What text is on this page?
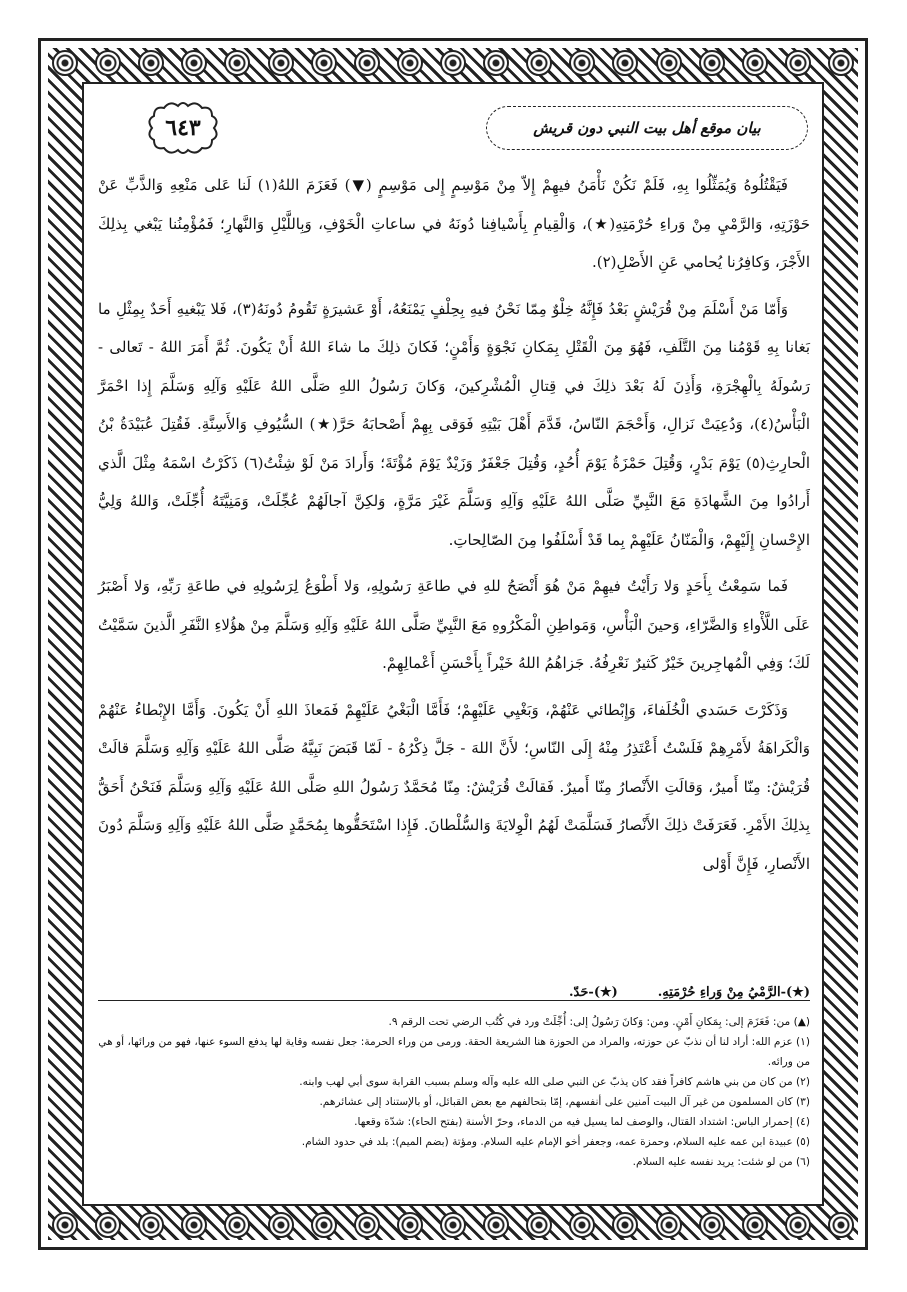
بيان موقع أهل بيت النبي دون قريش
٦٤٣

فَيَقْتُلُوهُ وَيُمَثِّلُوا بِهِ، فَلَمْ نَكُنْ نَأْمَنُ فيهِمْ إِلاّ مِنْ مَوْسِمٍ إِلى مَوْسِمٍ (▼) فَعَزَمَ اللهُ(١) لَنا عَلى مَنْعِهِ وَالذَّبِّ عَنْ حَوْزَتِهِ، وَالرَّمْيِ مِنْ وَراءِ حُرْمَتِهِ(★)، وَالْقِيامِ بِأَسْيافِنا دُونَهُ في ساعاتِ الْخَوْفِ، وَبِاللَّيْلِ وَالنَّهارِ؛ فَمُؤْمِنُنا يَبْغي بِذلِكَ الأَجْرَ، وَكافِرُنا يُحامي عَنِ الأَصْلِ(٢).

وَأَمّا مَنْ أَسْلَمَ مِنْ قُرَيْشٍ بَعْدُ فَإِنَّهُ خِلْوٌ مِمّا نَحْنُ فيهِ بِحِلْفٍ يَمْنَعُهُ، أَوْ عَشيرَةٍ تَقُومُ دُونَهُ(٣)، فَلا يَبْغيهِ أَحَدٌ بِمِثْلِ ما بَغانا بِهِ قَوْمُنا مِنَ التَّلَفِ، فَهُوَ مِنَ الْقَتْلِ بِمَكانِ نَجْوَةٍ وَأَمْنٍ؛ فَكانَ ذلِكَ ما شاءَ اللهُ أَنْ يَكُونَ. ثُمَّ أَمَرَ اللهُ - تَعالى - رَسُولَهُ بِالْهِجْرَةِ، وَأَذِنَ لَهُ بَعْدَ ذلِكَ في قِتالِ الْمُشْرِكينَ، وَكانَ رَسُولُ اللهِ صَلَّى اللهُ عَلَيْهِ وَآلِهِ وَسَلَّمَ إِذا احْمَرَّ الْبَأْسُ(٤)، وَدُعِيَتْ نَزالِ، وَأَحْجَمَ النّاسُ، قَدَّمَ أَهْلَ بَيْتِهِ فَوَقى بِهِمْ أَصْحابَهُ حَرَّ(★) السُّيُوفِ وَالأَسِنَّةِ. فَقُتِلَ عُبَيْدَةُ بْنُ الْحارِثِ(٥) يَوْمَ بَدْرٍ، وَقُتِلَ حَمْزَةُ يَوْمَ أُحُدٍ، وَقُتِلَ جَعْفَرٌ وَزَيْدٌ يَوْمَ مُؤْتَةَ؛ وَأَرادَ مَنْ لَوْ شِئْتُ(٦) ذَكَرْتُ اسْمَهُ مِثْلَ الَّذي أَرادُوا مِنَ الشَّهادَةِ مَعَ النَّبِيِّ صَلَّى اللهُ عَلَيْهِ وَآلِهِ وَسَلَّمَ غَيْرَ مَرَّةٍ، وَلكِنَّ آجالَهُمْ عُجِّلَتْ، وَمَنِيَّتَهُ أُجِّلَتْ، وَاللهُ وَلِيُّ الإِحْسانِ إِلَيْهِمْ، وَالْمَنّانُ عَلَيْهِمْ بِما قَدْ أَسْلَفُوا مِنَ الصّالِحاتِ.

فَما سَمِعْتُ بِأَحَدٍ وَلا رَأَيْتُ فيهِمْ مَنْ هُوَ أَنْصَحُ للهِ في طاعَةِ رَسُولِهِ، وَلا أَطْوَعُ لِرَسُولِهِ في طاعَةِ رَبِّهِ، وَلا أَصْبَرُ عَلَى اللَّأْواءِ وَالضَّرّاءِ، وَحينَ الْبَأْسِ، وَمَواطِنِ الْمَكْرُوهِ مَعَ النَّبِيِّ صَلَّى اللهُ عَلَيْهِ وَآلِهِ وَسَلَّمَ مِنْ هؤُلاءِ النَّفَرِ الَّذينَ سَمَّيْتُ لَكَ؛ وَفِي الْمُهاجِرينَ خَيْرٌ كَثيرٌ نَعْرِفُهُ. جَزاهُمُ اللهُ خَيْراً بِأَحْسَنِ أَعْمالِهِمْ.

وَذَكَرْتَ حَسَدي الْخُلَفاءَ، وَإِبْطائي عَنْهُمْ، وَبَغْيِي عَلَيْهِمْ؛ فَأَمَّا الْبَغْيُ عَلَيْهِمْ فَمَعاذَ اللهِ أَنْ يَكُونَ. وَأَمَّا الإِبْطاءُ عَنْهُمْ وَالْكَراهَةُ لأَمْرِهِمْ فَلَسْتُ أَعْتَذِرُ مِنْهُ إِلَى النّاسِ؛ لأَنَّ اللهَ - جَلَّ ذِكْرُهُ - لَمّا قَبَضَ نَبِيَّهُ صَلَّى اللهُ عَلَيْهِ وَآلِهِ وَسَلَّمَ قالَتْ قُرَيْشٌ: مِنّا أَميرٌ، وَقالَتِ الأَنْصارُ مِنّا أَميرٌ. فَقالَتْ قُرَيْشٌ: مِنّا مُحَمَّدٌ رَسُولُ اللهِ صَلَّى اللهُ عَلَيْهِ وَآلِهِ وَسَلَّمَ فَنَحْنُ أَحَقُّ بِذلِكَ الأَمْرِ. فَعَرَفَتْ ذلِكَ الأَنْصارُ فَسَلَّمَتْ لَهُمُ الْوِلايَةَ وَالسُّلْطانَ. فَإِذا اسْتَحَقُّوها بِمُحَمَّدٍ صَلَّى اللهُ عَلَيْهِ وَآلِهِ وَسَلَّمَ دُونَ الأَنْصارِ، فَإِنَّ أَوْلى

(★)-الرَّمْيُ مِنْ وَراءِ حُرْمَتِهِ.
(★)-حَدّ.
(▲) من: فَعَزَمَ إلى: بِمَكانِ أَمْنٍ. ومن: وَكانَ رَسُولُ إلى: أُجِّلَتْ ورد في كُتُب الرضي تحت الرقم ٩.
(١) عزم الله: أراد لنا أن نذبّ عن حوزته، والمراد من الحوزة هنا الشريعة الحقة. ورمى من وراء الحرمة: جعل نفسه وقاية لها يدفع السوء عنها، فهو من ورائها، أو هي من ورائه.
(٢) من كان من بني هاشم كافراً فقد كان يذبّ عن النبي صلى الله عليه وآله وسلم بسبب القرابة سوى أبي لهب وابنه.
(٣) كان المسلمون من غير آل البيت آمنين على أنفسهم، إمّا بتحالفهم مع بعض القبائل، أو بالإستناد إلى عشائرهم.
(٤) إحمرار الباس: اشتداد القتال، والوصف لما يسيل فيه من الدماء، وحرّ الأسنة (بفتح الحاء): شدّة وقعها.
(٥) عبيدة ابن عمه عليه السلام، وحمزة عمه، وجعفر أخو الإمام عليه السلام. ومؤتة (بضم الميم): بلد في حدود الشام.
(٦) من لو شئت: يريد نفسه عليه السلام.
